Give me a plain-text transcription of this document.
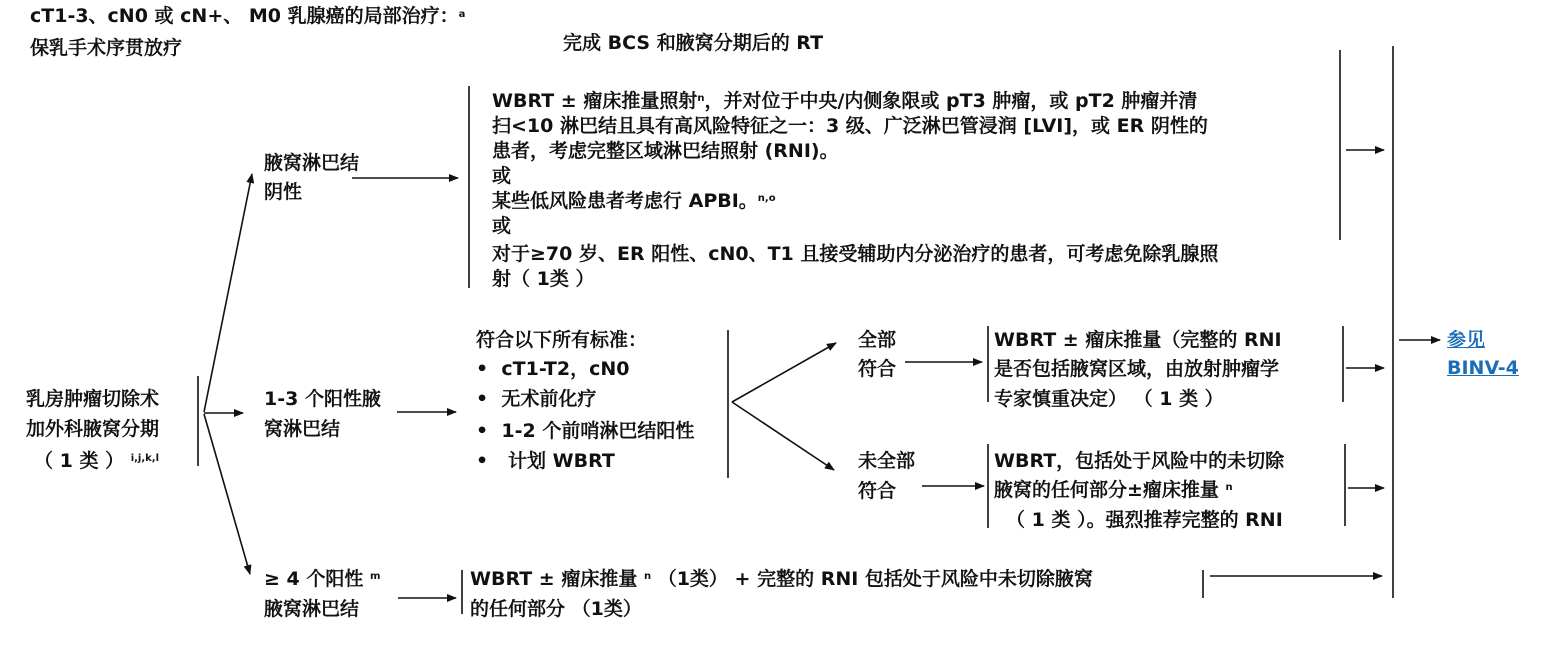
cT1-3、cN0 或 cN+、 M0 乳腺癌的局部治疗：$^a$
保乳手术序贯放疗	完成 BCS 和腋窝分期后的 RT
乳房肿瘤切除术
加外科腋窝分期
（ 1 类 ） $^{i,j,k,l}$
腋窝淋巴结
阴性
WBRT ± 瘤床推量照射$^n$，并对位于中央/内侧象限或 pT3 肿瘤，或 pT2 肿瘤并清
扫<10 淋巴结且具有高风险特征之一：3 级、广泛淋巴管浸润 [LVI]，或 ER 阴性的
患者，考虑完整区域淋巴结照射 (RNI)。
或
某些低风险患者考虑行 APBI。$^{n,o}$
或
对于≥70 岁、ER 阳性、cN0、T1 且接受辅助内分泌治疗的患者，可考虑免除乳腺照
射（ 1类 ）
1-3 个阳性腋
窝淋巴结
符合以下所有标准：
• cT1-T2，cN0
• 无术前化疗
• 1-2 个前哨淋巴结阳性
• 计划 WBRT
全部
符合
WBRT ± 瘤床推量（完整的 RNI
是否包括腋窝区域，由放射肿瘤学
专家慎重决定） （ 1 类 ）
未全部
符合
WBRT，包括处于风险中的未切除
腋窝的任何部分±瘤床推量 $^n$
（ 1 类 ）。强烈推荐完整的 RNI
≥ 4 个阳性 $^m$
腋窝淋巴结
WBRT ± 瘤床推量 $^n$ （1类） + 完整的 RNI 包括处于风险中未切除腋窝
的任何部分 （1类）
参见
BINV-4
